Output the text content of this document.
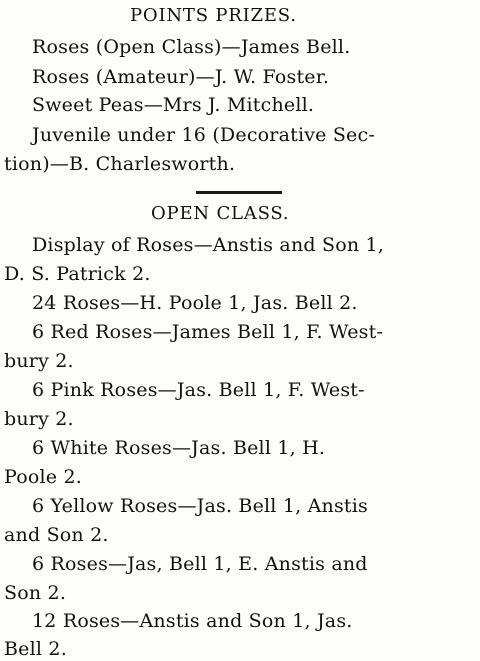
POINTS PRIZES.
Roses (Open Class)—James Bell.
Roses (Amateur)—J. W. Foster.
Sweet Peas—Mrs J. Mitchell.
Juvenile under 16 (Decorative Sec-
tion)—B. Charlesworth.
OPEN CLASS.
Display of Roses—Anstis and Son 1,
D. S. Patrick 2.
24 Roses—H. Poole 1, Jas. Bell 2.
6 Red Roses—James Bell 1, F. West-
bury 2.
6 Pink Roses—Jas. Bell 1, F. West-
bury 2.
6 White Roses—Jas. Bell 1, H.
Poole 2.
6 Yellow Roses—Jas. Bell 1, Anstis
and Son 2.
6 Roses—Jas, Bell 1, E. Anstis and
Son 2.
12 Roses—Anstis and Son 1, Jas.
Bell 2.
